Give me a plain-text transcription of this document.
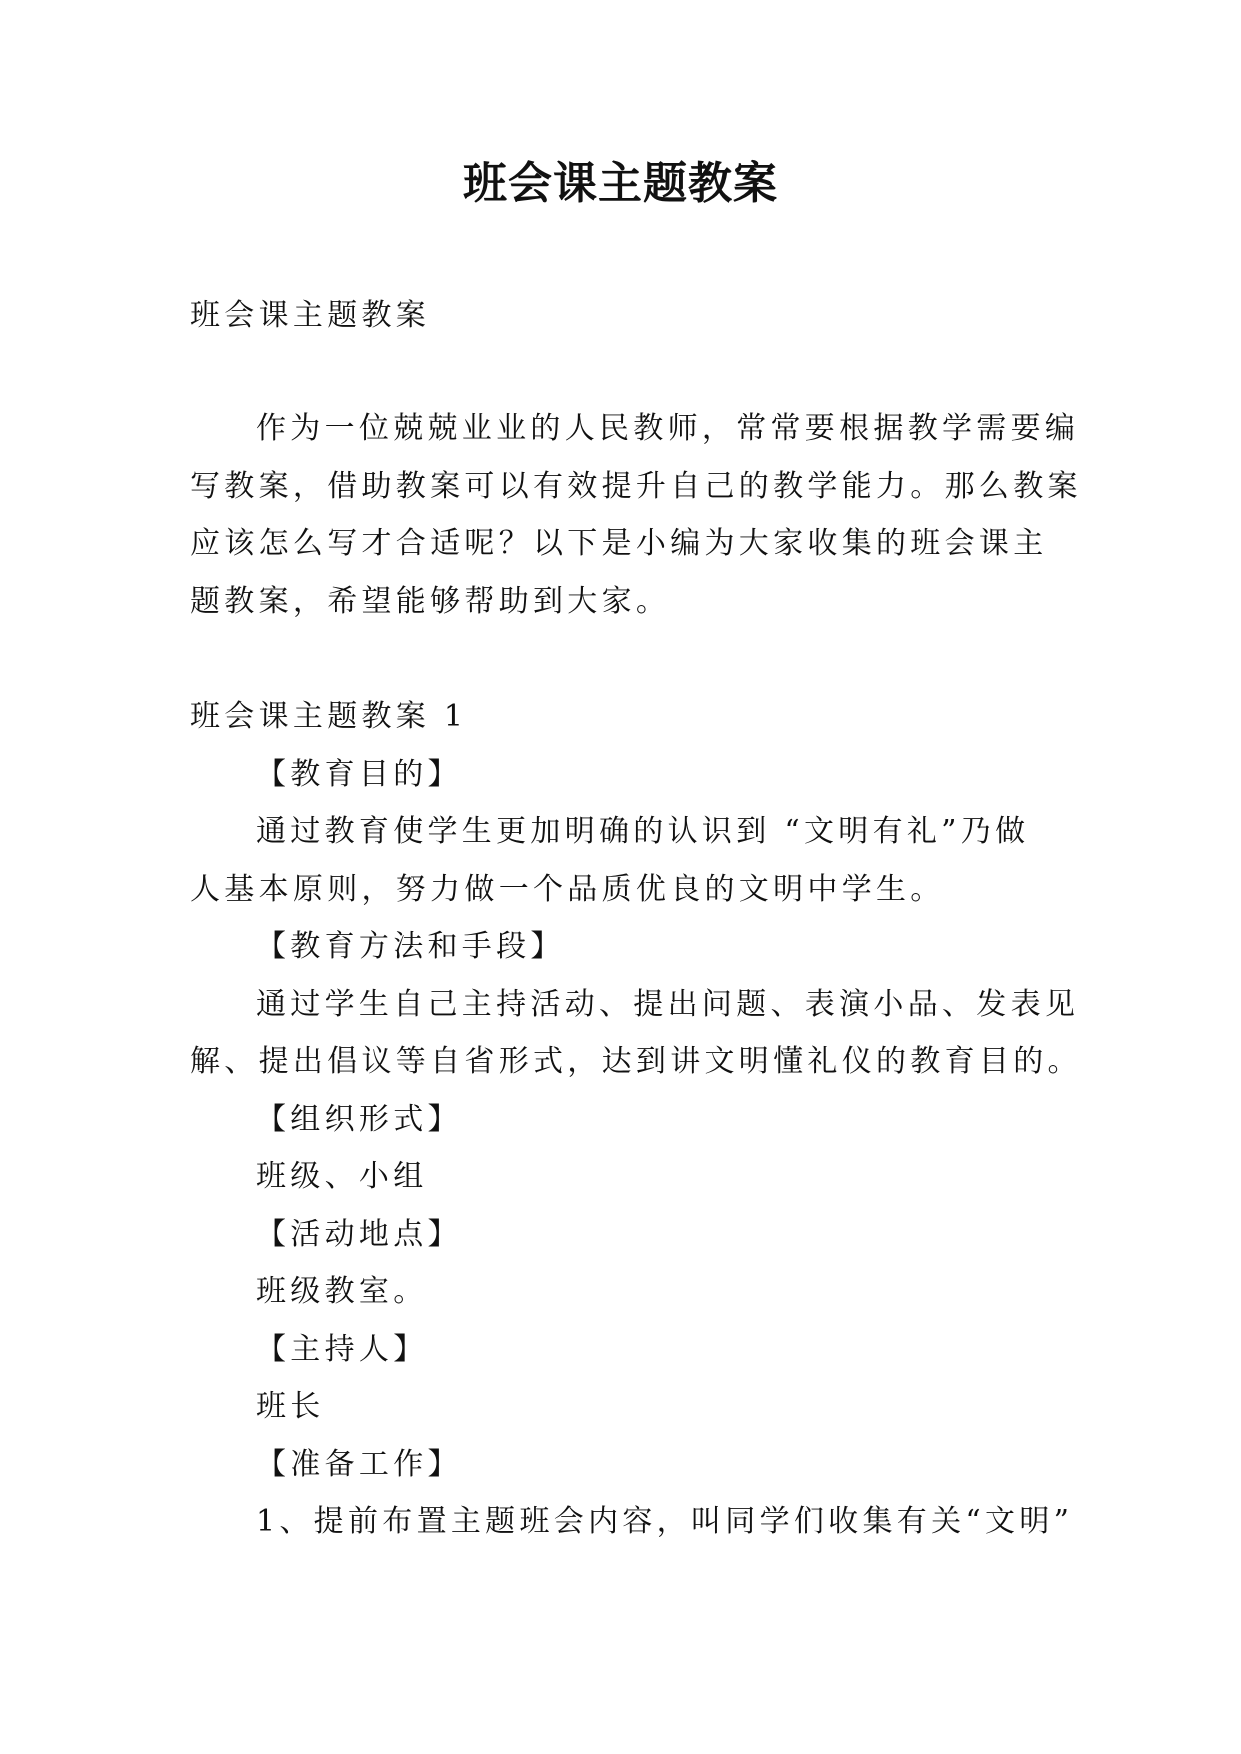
班会课主题教案

班会课主题教案

作为一位兢兢业业的人民教师，常常要根据教学需要编

写教案，借助教案可以有效提升自己的教学能力。那么教案

应该怎么写才合适呢？以下是小编为大家收集的班会课主

题教案，希望能够帮助到大家。

班会课主题教案 1

【教育目的】

通过教育使学生更加明确的认识到 “文明有礼”乃做

人基本原则，努力做一个品质优良的文明中学生。

【教育方法和手段】

通过学生自己主持活动、提出问题、表演小品、发表见

解、提出倡议等自省形式，达到讲文明懂礼仪的教育目的。

【组织形式】

班级、小组

【活动地点】

班级教室。

【主持人】

班长

【准备工作】

1、提前布置主题班会内容，叫同学们收集有关“文明”
